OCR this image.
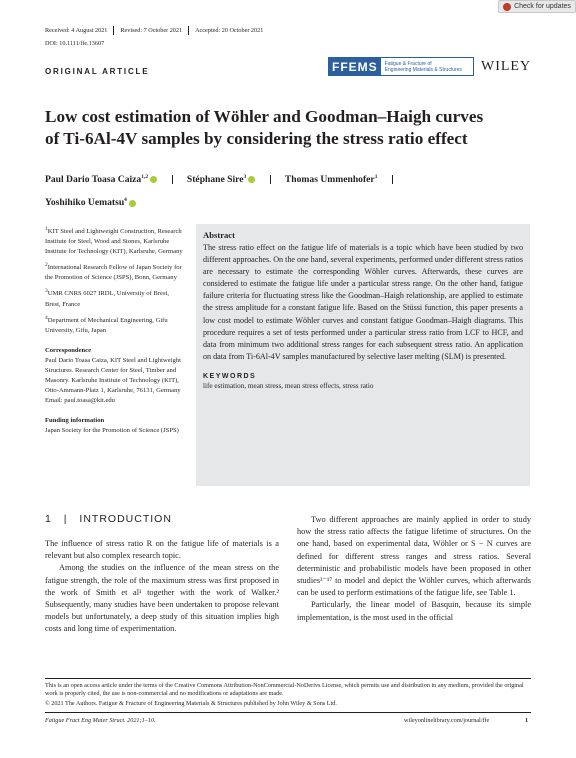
Check for updates
Received: 4 August 2021 Revised: 7 October 2021 Accepted: 20 October 2021
DOI: 10.1111/ffe.13607
ORIGINAL ARTICLE	FFEMS	Fatigue & Fracture of
Engineering Materials & Structures WILEY
Low cost estimation of Wöhler and Goodman–Haigh curves
of Ti-6Al-4V samples by considering the stress ratio effect
Paul Dario Toasa Caiza$^{1,2}$	Stéphane Sire$^3$	Thomas Ummenhofer$^1$
Yoshihiko Uematsu$^4$
$^1$KIT Steel and Lightweight Construction, Research Institute for Steel, Wood and Stones, Karlsruhe Institute for Technology (KIT), Karlsruhe, Germany
$^2$International Research Fellow of Japan Society for the Promotion of Science (JSPS), Bonn, Germany
$^3$UMR CNRS 6027 IRDL, University of Brest, Brest, France
$^4$Department of Mechanical Engineering, Gifu University, Gifu, Japan
Correspondence
Paul Dario Toasa Caiza, KIT Steel and Lightweight Structures. Research Center for Steel, Timber and Masonry. Karlsruhe Institute of Technology (KIT), Otto-Ammann-Platz 1, Karlsruhe, 76131, Germany
Email: paul.toasa@kit.edu
Funding information
Japan Society for the Promotion of Science (JSPS)
Abstract

The stress ratio effect on the fatigue life of materials is a topic which have been studied by two different approaches. On the one hand, several experiments, performed under different stress ratios are necessary to estimate the corresponding Wöhler curves. Afterwards, these curves are considered to estimate the fatigue life under a particular stress range. On the other hand, fatigue failure criteria for fluctuating stress like the Goodman–Haigh relationship, are applied to estimate the stress amplitude for a constant fatigue life. Based on the Stüssi function, this paper presents a low cost model to estimate Wöhler curves and constant fatigue Goodman–Haigh diagrams. This procedure requires a set of tests performed under a particular stress ratio from LCF to HCF, and data from minimum two additional stress ranges for each subsequent stress ratio. An application on data from Ti-6Al-4V samples manufactured by selective laser melting (SLM) is presented.

KEYWORDS
life estimation, mean stress, mean stress effects, stress ratio
1 | INTRODUCTION
The influence of stress ratio R on the fatigue life of materials is a relevant but also complex research topic.
Among the studies on the influence of the mean stress on the fatigue strength, the role of the maximum stress was first proposed in the work of Smith et al¹ together with the work of Walker.² Subsequently, many studies have been undertaken to propose relevant models but unfortunately, a deep study of this situation implies high costs and long time of experimentation.
Two different approaches are mainly applied in order to study how the stress ratio affects the fatigue lifetime of structures. On the one hand, based on experimental data, Wöhler or S − N curves are defined for different stress ranges and stress ratios. Several deterministic and probabilistic models have been proposed in other studies³⁻¹⁷ to model and depict the Wöhler curves, which afterwards can be used to perform estimations of the fatigue life, see Table 1.
Particularly, the linear model of Basquin, because its simple implementation, is the most used in the official
This is an open access article under the terms of the Creative Commons Attribution-NonCommercial-NoDerivs License, which permits use and distribution in any medium, provided the original work is properly cited, the use is non-commercial and no modifications or adaptations are made.
© 2021 The Authors. Fatigue & Fracture of Engineering Materials & Structures published by John Wiley & Sons Ltd.
Fatigue Fract Eng Mater Struct. 2021;1–10.	wileyonlinelibrary.com/journal/ffe	1
